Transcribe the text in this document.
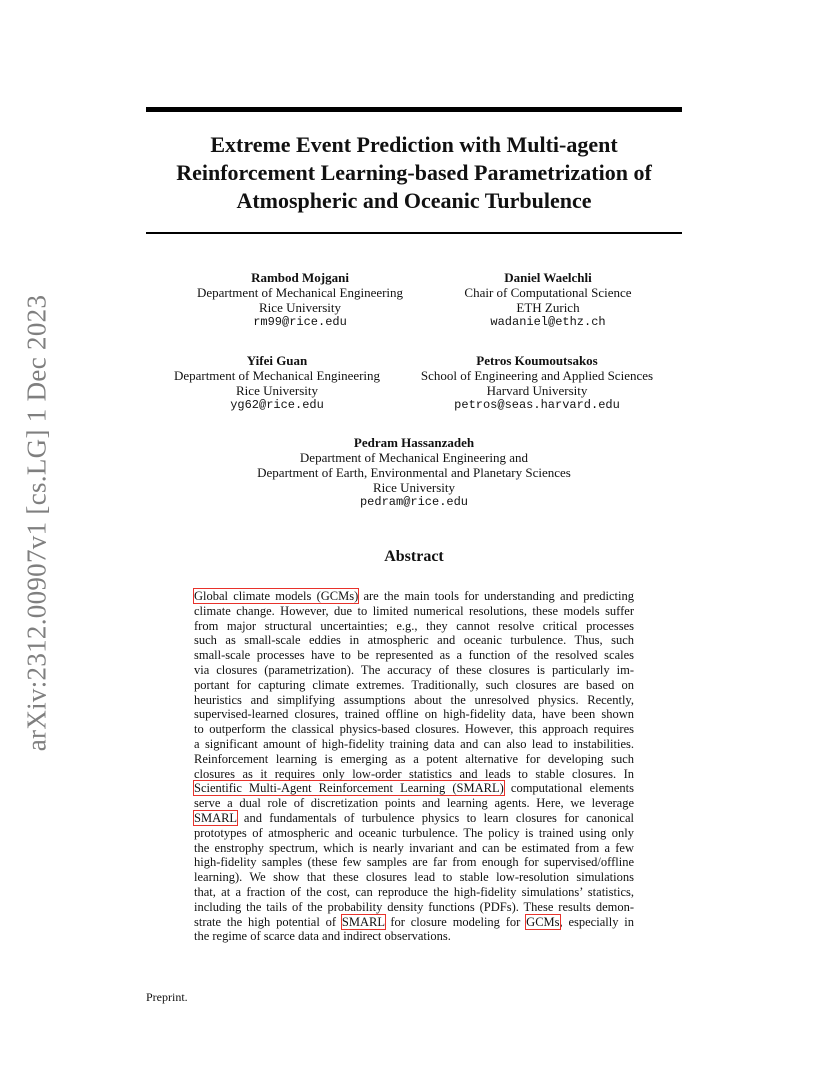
Extreme Event Prediction with Multi-agent
Reinforcement Learning-based Parametrization of
Atmospheric and Oceanic Turbulence
arXiv:2312.00907v1 [cs.LG] 1 Dec 2023
Rambod Mojgani
Department of Mechanical Engineering
Rice University
rm99@rice.edu
Daniel Waelchli
Chair of Computational Science
ETH Zurich
wadaniel@ethz.ch
Yifei Guan
Department of Mechanical Engineering
Rice University
yg62@rice.edu
Petros Koumoutsakos
School of Engineering and Applied Sciences
Harvard University
petros@seas.harvard.edu
Pedram Hassanzadeh
Department of Mechanical Engineering and
Department of Earth, Environmental and Planetary Sciences
Rice University
pedram@rice.edu
Abstract
Global climate models (GCMs) are the main tools for understanding and predicting
climate change. However, due to limited numerical resolutions, these models suffer
from major structural uncertainties; e.g., they cannot resolve critical processes
such as small-scale eddies in atmospheric and oceanic turbulence. Thus, such
small-scale processes have to be represented as a function of the resolved scales
via closures (parametrization). The accuracy of these closures is particularly im-
portant for capturing climate extremes. Traditionally, such closures are based on
heuristics and simplifying assumptions about the unresolved physics. Recently,
supervised-learned closures, trained offline on high-fidelity data, have been shown
to outperform the classical physics-based closures. However, this approach requires
a significant amount of high-fidelity training data and can also lead to instabilities.
Reinforcement learning is emerging as a potent alternative for developing such
closures as it requires only low-order statistics and leads to stable closures. In
Scientific Multi-Agent Reinforcement Learning (SMARL) computational elements
serve a dual role of discretization points and learning agents. Here, we leverage
SMARL and fundamentals of turbulence physics to learn closures for canonical
prototypes of atmospheric and oceanic turbulence. The policy is trained using only
the enstrophy spectrum, which is nearly invariant and can be estimated from a few
high-fidelity samples (these few samples are far from enough for supervised/offline
learning). We show that these closures lead to stable low-resolution simulations
that, at a fraction of the cost, can reproduce the high-fidelity simulations’ statistics,
including the tails of the probability density functions (PDFs). These results demon-
strate the high potential of SMARL for closure modeling for GCMs, especially in
the regime of scarce data and indirect observations.
Preprint.
